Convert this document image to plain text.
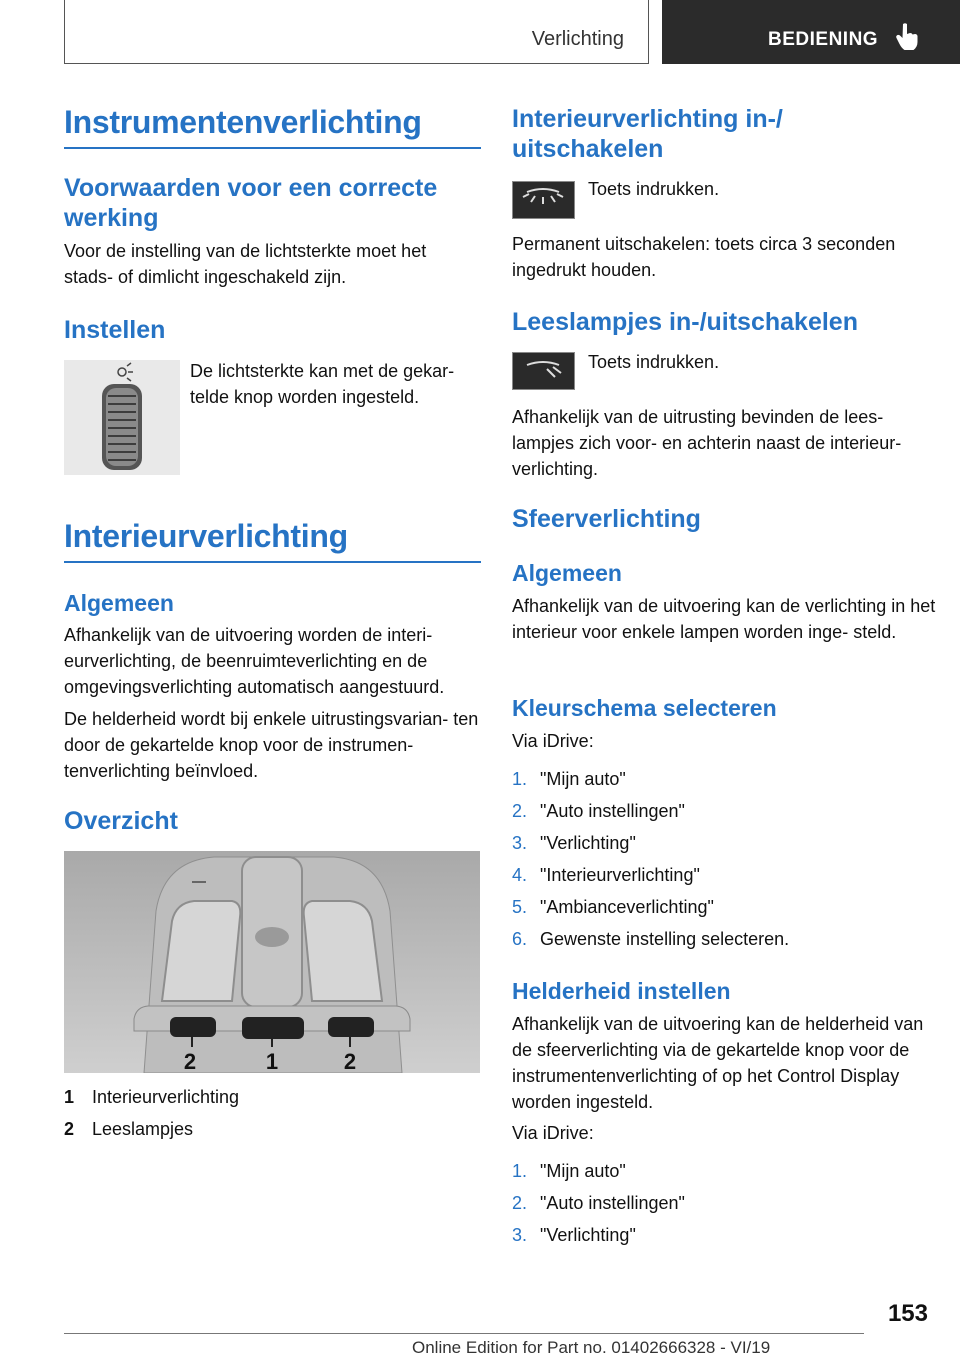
Verlichting	BEDIENING
Instrumentenverlichting
Voorwaarden voor een correcte werking

Voor de instelling van de lichtsterkte moet het stads- of dimlicht ingeschakeld zijn.

Instellen

De lichtsterkte kan met de gekar- telde knop worden ingesteld.

Interieurverlichting
Algemeen

Afhankelijk van de uitvoering worden de interi- eurverlichting, de beenruimteverlichting en de omgevingsverlichting automatisch aangestuurd.

De helderheid wordt bij enkele uitrustingsvarian- ten door de gekartelde knop voor de instrumen- tenverlichting beïnvloed.

Overzicht
2	1	2
1 Interieurverlichting
2 Leeslampjes
Interieurverlichting in-/ uitschakelen

Toets indrukken.

Permanent uitschakelen: toets circa 3 seconden ingedrukt houden.

Leeslampjes in-/uitschakelen

Toets indrukken.

Afhankelijk van de uitrusting bevinden de lees- lampjes zich voor- en achterin naast de interieur- verlichting.

Sfeerverlichting
Algemeen

Afhankelijk van de uitvoering kan de verlichting in het interieur voor enkele lampen worden inge- steld.

Kleurschema selecteren

Via iDrive:

1. "Mijn auto"
2. "Auto instellingen"
3. "Verlichting"
4. "Interieurverlichting"
5. "Ambianceverlichting"
6. Gewenste instelling selecteren.
Helderheid instellen

Afhankelijk van de uitvoering kan de helderheid van de sfeerverlichting via de gekartelde knop voor de instrumentenverlichting of op het Control Display worden ingesteld.

Via iDrive:

1. "Mijn auto"
2. "Auto instellingen"
3. "Verlichting"
153
Online Edition for Part no. 01402666328 - VI/19
